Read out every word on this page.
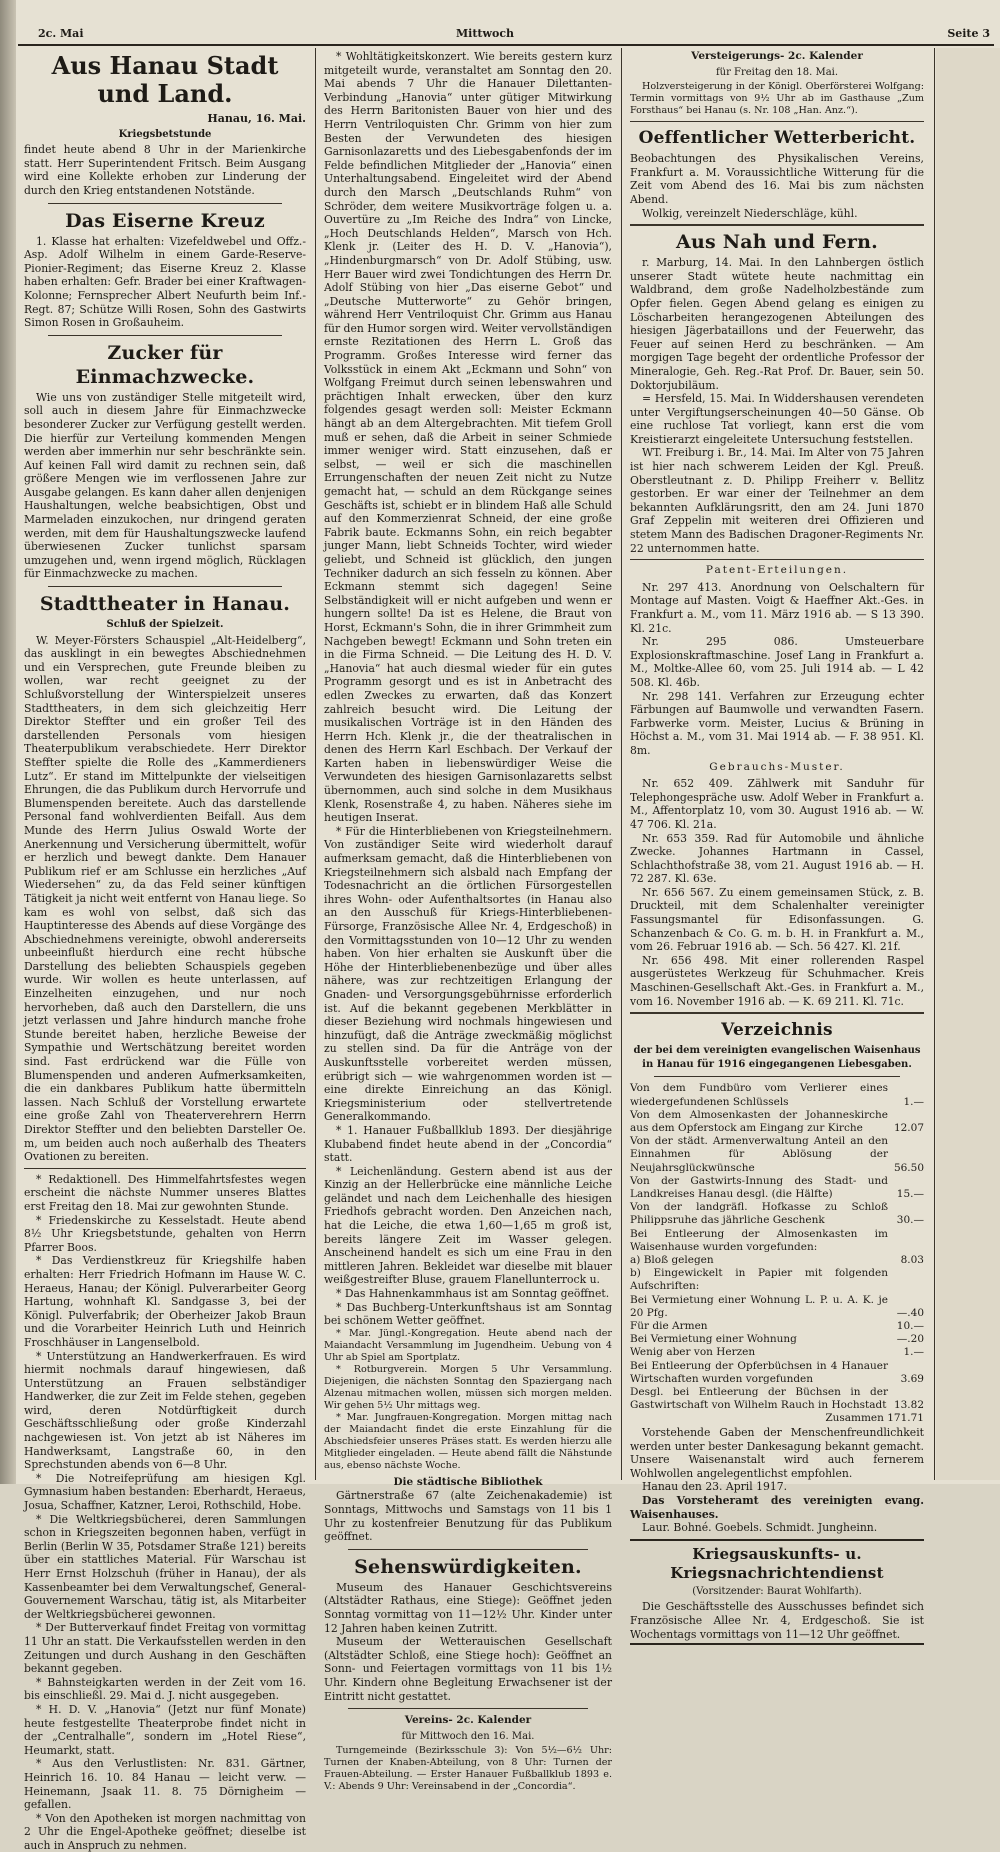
2c. Mai	Mittwoch	Seite 3
Aus Hanau Stadt und Land.
Hanau, 16. Mai.
Kriegsbetstunde

findet heute abend 8 Uhr in der Marienkirche statt. Herr Superintendent Fritsch. Beim Ausgang wird eine Kollekte erhoben zur Linderung der durch den Krieg entstandenen Notstände.

Das Eiserne Kreuz

1. Klasse hat erhalten: Vizefeldwebel und Offz.-Asp. Adolf Wilhelm in einem Garde-Reserve-Pionier-Regiment; das Eiserne Kreuz 2. Klasse haben erhalten: Gefr. Brader bei einer Kraftwagen-Kolonne; Fernsprecher Albert Neufurth beim Inf.-Regt. 87; Schütze Willi Rosen, Sohn des Gastwirts Simon Rosen in Großauheim.

Zucker für Einmachzwecke.

Wie uns von zuständiger Stelle mitgeteilt wird, soll auch in diesem Jahre für Einmachzwecke besonderer Zucker zur Verfügung gestellt werden. Die hierfür zur Verteilung kommenden Mengen werden aber immerhin nur sehr beschränkte sein. Auf keinen Fall wird damit zu rechnen sein, daß größere Mengen wie im verflossenen Jahre zur Ausgabe gelangen. Es kann daher allen denjenigen Haushaltungen, welche beabsichtigen, Obst und Marmeladen einzukochen, nur dringend geraten werden, mit dem für Haushaltungszwecke laufend überwiesenen Zucker tunlichst sparsam umzugehen und, wenn irgend möglich, Rücklagen für Einmachzwecke zu machen.

Stadttheater in Hanau.
Schluß der Spielzeit.

W. Meyer-Försters Schauspiel „Alt-Heidelberg“, das ausklingt in ein bewegtes Abschiednehmen und ein Versprechen, gute Freunde bleiben zu wollen, war recht geeignet zu der Schlußvorstellung der Winterspielzeit unseres Stadttheaters, in dem sich gleichzeitig Herr Direktor Steffter und ein großer Teil des darstellenden Personals vom hiesigen Theaterpublikum verabschiedete. Herr Direktor Steffter spielte die Rolle des „Kammerdieners Lutz“. Er stand im Mittelpunkte der vielseitigen Ehrungen, die das Publikum durch Hervorrufe und Blumenspenden bereitete. Auch das darstellende Personal fand wohlverdienten Beifall. Aus dem Munde des Herrn Julius Oswald Worte der Anerkennung und Versicherung übermittelt, wofür er herzlich und bewegt dankte. Dem Hanauer Publikum rief er am Schlusse ein herzliches „Auf Wiedersehen“ zu, da das Feld seiner künftigen Tätigkeit ja nicht weit entfernt von Hanau liege. So kam es wohl von selbst, daß sich das Hauptinteresse des Abends auf diese Vorgänge des Abschiednehmens vereinigte, obwohl andererseits unbeeinflußt hierdurch eine recht hübsche Darstellung des beliebten Schauspiels gegeben wurde. Wir wollen es heute unterlassen, auf Einzelheiten einzugehen, und nur noch hervorheben, daß auch den Darstellern, die uns jetzt verlassen und Jahre hindurch manche frohe Stunde bereitet haben, herzliche Beweise der Sympathie und Wertschätzung bereitet worden sind. Fast erdrückend war die Fülle von Blumenspenden und anderen Aufmerksamkeiten, die ein dankbares Publikum hatte übermitteln lassen. Nach Schluß der Vorstellung erwartete eine große Zahl von Theaterverehrern Herrn Direktor Steffter und den beliebten Darsteller Oe. m, um beiden auch noch außerhalb des Theaters Ovationen zu bereiten.

* Redaktionell. Des Himmelfahrtsfestes wegen erscheint die nächste Nummer unseres Blattes erst Freitag den 18. Mai zur gewohnten Stunde.

* Friedenskirche zu Kesselstadt. Heute abend 8½ Uhr Kriegsbetstunde, gehalten von Herrn Pfarrer Boos.

* Das Verdienstkreuz für Kriegshilfe haben erhalten: Herr Friedrich Hofmann im Hause W. C. Heraeus, Hanau; der Königl. Pulverarbeiter Georg Hartung, wohnhaft Kl. Sandgasse 3, bei der Königl. Pulverfabrik; der Oberheizer Jakob Braun und die Vorarbeiter Heinrich Luth und Heinrich Froschhäuser in Langenselbold.

* Unterstützung an Handwerkerfrauen. Es wird hiermit nochmals darauf hingewiesen, daß Unterstützung an Frauen selbständiger Handwerker, die zur Zeit im Felde stehen, gegeben wird, deren Notdürftigkeit durch Geschäftsschließung oder große Kinderzahl nachgewiesen ist. Von jetzt ab ist Näheres im Handwerksamt, Langstraße 60, in den Sprechstunden abends von 6—8 Uhr.

* Die Notreifeprüfung am hiesigen Kgl. Gymnasium haben bestanden: Eberhardt, Heraeus, Josua, Schaffner, Katzner, Leroi, Rothschild, Hobe.

* Die Weltkriegsbücherei, deren Sammlungen schon in Kriegszeiten begonnen haben, verfügt in Berlin (Berlin W 35, Potsdamer Straße 121) bereits über ein stattliches Material. Für Warschau ist Herr Ernst Holzschuh (früher in Hanau), der als Kassenbeamter bei dem Verwaltungschef, General-Gouvernement Warschau, tätig ist, als Mitarbeiter der Weltkriegsbücherei gewonnen.

* Der Butterverkauf findet Freitag von vormittag 11 Uhr an statt. Die Verkaufsstellen werden in den Zeitungen und durch Aushang in den Geschäften bekannt gegeben.

* Bahnsteigkarten werden in der Zeit vom 16. bis einschließl. 29. Mai d. J. nicht ausgegeben.

* H. D. V. „Hanovia“ (Jetzt nur fünf Monate) heute festgestellte Theaterprobe findet nicht in der „Centralhalle“, sondern im „Hotel Riese“, Heumarkt, statt.

* Aus den Verlustlisten: Nr. 831. Gärtner, Heinrich 16. 10. 84 Hanau — leicht verw. — Heinemann, Jsaak 11. 8. 75 Dörnigheim — gefallen.

* Von den Apotheken ist morgen nachmittag von 2 Uhr die Engel-Apotheke geöffnet; dieselbe ist auch in Anspruch zu nehmen.

* Wohltätigkeitskonzert. Wie bereits gestern kurz mitgeteilt wurde, veranstaltet am Sonntag den 20. Mai abends 7 Uhr die Hanauer Dilettanten-Verbindung „Hanovia“ unter gütiger Mitwirkung des Herrn Baritonisten Bauer von hier und des Herrn Ventriloquisten Chr. Grimm von hier zum Besten der Verwundeten des hiesigen Garnisonlazaretts und des Liebesgabenfonds der im Felde befindlichen Mitglieder der „Hanovia“ einen Unterhaltungsabend. Eingeleitet wird der Abend durch den Marsch „Deutschlands Ruhm“ von Schröder, dem weitere Musikvorträge folgen u. a. Ouvertüre zu „Im Reiche des Indra“ von Lincke, „Hoch Deutschlands Helden“, Marsch von Hch. Klenk jr. (Leiter des H. D. V. „Hanovia“), „Hindenburgmarsch“ von Dr. Adolf Stübing, usw. Herr Bauer wird zwei Tondichtungen des Herrn Dr. Adolf Stübing von hier „Das eiserne Gebot“ und „Deutsche Mutterworte“ zu Gehör bringen, während Herr Ventriloquist Chr. Grimm aus Hanau für den Humor sorgen wird. Weiter vervollständigen ernste Rezitationen des Herrn L. Groß das Programm. Großes Interesse wird ferner das Volksstück in einem Akt „Eckmann und Sohn“ von Wolfgang Freimut durch seinen lebenswahren und prächtigen Inhalt erwecken, über den kurz folgendes gesagt werden soll: Meister Eckmann hängt ab an dem Altergebrachten. Mit tiefem Groll muß er sehen, daß die Arbeit in seiner Schmiede immer weniger wird. Statt einzusehen, daß er selbst, — weil er sich die maschinellen Errungenschaften der neuen Zeit nicht zu Nutze gemacht hat, — schuld an dem Rückgange seines Geschäfts ist, schiebt er in blindem Haß alle Schuld auf den Kommerzienrat Schneid, der eine große Fabrik baute. Eckmanns Sohn, ein reich begabter junger Mann, liebt Schneids Tochter, wird wieder geliebt, und Schneid ist glücklich, den jungen Techniker dadurch an sich fesseln zu können. Aber Eckmann stemmt sich dagegen! Seine Selbständigkeit will er nicht aufgeben und wenn er hungern sollte! Da ist es Helene, die Braut von Horst, Eckmann's Sohn, die in ihrer Grimmheit zum Nachgeben bewegt! Eckmann und Sohn treten ein in die Firma Schneid. — Die Leitung des H. D. V. „Hanovia“ hat auch diesmal wieder für ein gutes Programm gesorgt und es ist in Anbetracht des edlen Zweckes zu erwarten, daß das Konzert zahlreich besucht wird. Die Leitung der musikalischen Vorträge ist in den Händen des Herrn Hch. Klenk jr., die der theatralischen in denen des Herrn Karl Eschbach. Der Verkauf der Karten haben in liebenswürdiger Weise die Verwundeten des hiesigen Garnisonlazaretts selbst übernommen, auch sind solche in dem Musikhaus Klenk, Rosenstraße 4, zu haben. Näheres siehe im heutigen Inserat.

* Für die Hinterbliebenen von Kriegsteilnehmern. Von zuständiger Seite wird wiederholt darauf aufmerksam gemacht, daß die Hinterbliebenen von Kriegsteilnehmern sich alsbald nach Empfang der Todesnachricht an die örtlichen Fürsorgestellen ihres Wohn- oder Aufenthaltsortes (in Hanau also an den Ausschuß für Kriegs-Hinterbliebenen-Fürsorge, Französische Allee Nr. 4, Erdgeschoß) in den Vormittagsstunden von 10—12 Uhr zu wenden haben. Von hier erhalten sie Auskunft über die Höhe der Hinterbliebenenbezüge und über alles nähere, was zur rechtzeitigen Erlangung der Gnaden- und Versorgungsgebührnisse erforderlich ist. Auf die bekannt gegebenen Merkblätter in dieser Beziehung wird nochmals hingewiesen und hinzufügt, daß die Anträge zweckmäßig möglichst zu stellen sind. Da für die Anträge von der Auskunftsstelle vorbereitet werden müssen, erübrigt sich — wie wahrgenommen worden ist — eine direkte Einreichung an das Königl. Kriegsministerium oder stellvertretende Generalkommando.

* 1. Hanauer Fußballklub 1893. Der diesjährige Klubabend findet heute abend in der „Concordia“ statt.

* Leichenländung. Gestern abend ist aus der Kinzig an der Hellerbrücke eine männliche Leiche geländet und nach dem Leichenhalle des hiesigen Friedhofs gebracht worden. Den Anzeichen nach, hat die Leiche, die etwa 1,60—1,65 m groß ist, bereits längere Zeit im Wasser gelegen. Anscheinend handelt es sich um eine Frau in den mittleren Jahren. Bekleidet war dieselbe mit blauer weißgestreifter Bluse, grauem Flanellunterrock u.

* Das Hahnenkammhaus ist am Sonntag geöffnet.

* Das Buchberg-Unterkunftshaus ist am Sonntag bei schönem Wetter geöffnet.

* Mar. Jüngl.-Kongregation. Heute abend nach der Maiandacht Versammlung im Jugendheim. Uebung von 4 Uhr ab Spiel am Sportplatz.

* Rotburgverein. Morgen 5 Uhr Versammlung. Diejenigen, die nächsten Sonntag den Spaziergang nach Alzenau mitmachen wollen, müssen sich morgen melden. Wir gehen 5½ Uhr mittags weg.

* Mar. Jungfrauen-Kongregation. Morgen mittag nach der Maiandacht findet die erste Einzahlung für die Abschiedsfeier unseres Präses statt. Es werden hierzu alle Mitglieder eingeladen. — Heute abend fällt die Nähstunde aus, ebenso nächste Woche.

Die städtische Bibliothek

Gärtnerstraße 67 (alte Zeichenakademie) ist Sonntags, Mittwochs und Samstags von 11 bis 1 Uhr zu kostenfreier Benutzung für das Publikum geöffnet.

Sehenswürdigkeiten.

Museum des Hanauer Geschichtsvereins (Altstädter Rathaus, eine Stiege): Geöffnet jeden Sonntag vormittag von 11—12½ Uhr. Kinder unter 12 Jahren haben keinen Zutritt.

Museum der Wetterauischen Gesellschaft (Altstädter Schloß, eine Stiege hoch): Geöffnet an Sonn- und Feiertagen vormittags von 11 bis 1½ Uhr. Kindern ohne Begleitung Erwachsener ist der Eintritt nicht gestattet.

Vereins- 2c. Kalender
für Mittwoch den 16. Mai.

Turngemeinde (Bezirksschule 3): Von 5½—6½ Uhr: Turnen der Knaben-Abteilung, von 8 Uhr: Turnen der Frauen-Abteilung. — Erster Hanauer Fußballklub 1893 e. V.: Abends 9 Uhr: Vereinsabend in der „Concordia“.

Versteigerungs- 2c. Kalender
für Freitag den 18. Mai.

Holzversteigerung in der Königl. Oberförsterei Wolfgang: Termin vormittags von 9½ Uhr ab im Gasthause „Zum Forsthaus“ bei Hanau (s. Nr. 108 „Han. Anz.“).

Oeffentlicher Wetterbericht.

Beobachtungen des Physikalischen Vereins, Frankfurt a. M. Voraussichtliche Witterung für die Zeit vom Abend des 16. Mai bis zum nächsten Abend.

Wolkig, vereinzelt Niederschläge, kühl.

Aus Nah und Fern.

r. Marburg, 14. Mai. In den Lahnbergen östlich unserer Stadt wütete heute nachmittag ein Waldbrand, dem große Nadelholzbestände zum Opfer fielen. Gegen Abend gelang es einigen zu Löscharbeiten herangezogenen Abteilungen des hiesigen Jägerbataillons und der Feuerwehr, das Feuer auf seinen Herd zu beschränken. — Am morgigen Tage begeht der ordentliche Professor der Mineralogie, Geh. Reg.-Rat Prof. Dr. Bauer, sein 50. Doktorjubiläum.

= Hersfeld, 15. Mai. In Widdershausen verendeten unter Vergiftungserscheinungen 40—50 Gänse. Ob eine ruchlose Tat vorliegt, kann erst die vom Kreistierarzt eingeleitete Untersuchung feststellen.

WT. Freiburg i. Br., 14. Mai. Im Alter von 75 Jahren ist hier nach schwerem Leiden der Kgl. Preuß. Oberstleutnant z. D. Philipp Freiherr v. Bellitz gestorben. Er war einer der Teilnehmer an dem bekannten Aufklärungsritt, den am 24. Juni 1870 Graf Zeppelin mit weiteren drei Offizieren und stetem Mann des Badischen Dragoner-Regiments Nr. 22 unternommen hatte.

Patent-Erteilungen.

Nr. 297 413. Anordnung von Oelschaltern für Montage auf Masten. Voigt & Haeffner Akt.-Ges. in Frankfurt a. M., vom 11. März 1916 ab. — S 13 390. Kl. 21c.

Nr. 295 086. Umsteuerbare Explosionskraftmaschine. Josef Lang in Frankfurt a. M., Moltke-Allee 60, vom 25. Juli 1914 ab. — L 42 508. Kl. 46b.

Nr. 298 141. Verfahren zur Erzeugung echter Färbungen auf Baumwolle und verwandten Fasern. Farbwerke vorm. Meister, Lucius & Brüning in Höchst a. M., vom 31. Mai 1914 ab. — F. 38 951. Kl. 8m.

Gebrauchs-Muster.

Nr. 652 409. Zählwerk mit Sanduhr für Telephongespräche usw. Adolf Weber in Frankfurt a. M., Affentorplatz 10, vom 30. August 1916 ab. — W. 47 706. Kl. 21a.

Nr. 653 359. Rad für Automobile und ähnliche Zwecke. Johannes Hartmann in Cassel, Schlachthofstraße 38, vom 21. August 1916 ab. — H. 72 287. Kl. 63e.

Nr. 656 567. Zu einem gemeinsamen Stück, z. B. Druckteil, mit dem Schalenhalter vereinigter Fassungsmantel für Edisonfassungen. G. Schanzenbach & Co. G. m. b. H. in Frankfurt a. M., vom 26. Februar 1916 ab. — Sch. 56 427. Kl. 21f.

Nr. 656 498. Mit einer rollerenden Raspel ausgerüstetes Werkzeug für Schuhmacher. Kreis Maschinen-Gesellschaft Akt.-Ges. in Frankfurt a. M., vom 16. November 1916 ab. — K. 69 211. Kl. 71c.

Verzeichnis
der bei dem vereinigten evangelischen Waisenhaus in Hanau für 1916 eingegangenen Liebesgaben.
Von dem Fundbüro vom Verlierer eines wiedergefundenen Schlüssels	1.—
Von dem Almosenkasten der Johanneskirche aus dem Opferstock am Eingang zur Kirche	12.07
Von der städt. Armenverwaltung Anteil an den Einnahmen für Ablösung der Neujahrsglückwünsche	56.50
Von der Gastwirts-Innung des Stadt- und Landkreises Hanau desgl. (die Hälfte)	15.—
Von der landgräfl. Hofkasse zu Schloß Philippsruhe das jährliche Geschenk	30.—
Bei Entleerung der Almosenkasten im Waisenhause wurden vorgefunden:	
a) Bloß gelegen	8.03
b) Eingewickelt in Papier mit folgenden Aufschriften:	
Bei Vermietung einer Wohnung L. P. u. A. K. je 20 Pfg.	—.40
Für die Armen	10.—
Bei Vermietung einer Wohnung	—.20
Wenig aber von Herzen	1.—
Bei Entleerung der Opferbüchsen in 4 Hanauer Wirtschaften wurden vorgefunden	3.69
Desgl. bei Entleerung der Büchsen in der Gastwirtschaft von Wilhelm Rauch in Hochstadt	13.82
Zusammen 171.71

Vorstehende Gaben der Menschenfreundlichkeit werden unter bester Dankesagung bekannt gemacht. Unsere Waisenanstalt wird auch fernerem Wohlwollen angelegentlichst empfohlen.

Hanau den 23. April 1917.

Das Vorsteheramt des vereinigten evang. Waisenhauses.

Laur. Bohné. Goebels. Schmidt. Jungheinn.

Kriegsauskunfts- u. Kriegsnachrichtendienst
(Vorsitzender: Baurat Wohlfarth).

Die Geschäftsstelle des Ausschusses befindet sich Französische Allee Nr. 4, Erdgeschoß. Sie ist Wochentags vormittags von 11—12 Uhr geöffnet.
